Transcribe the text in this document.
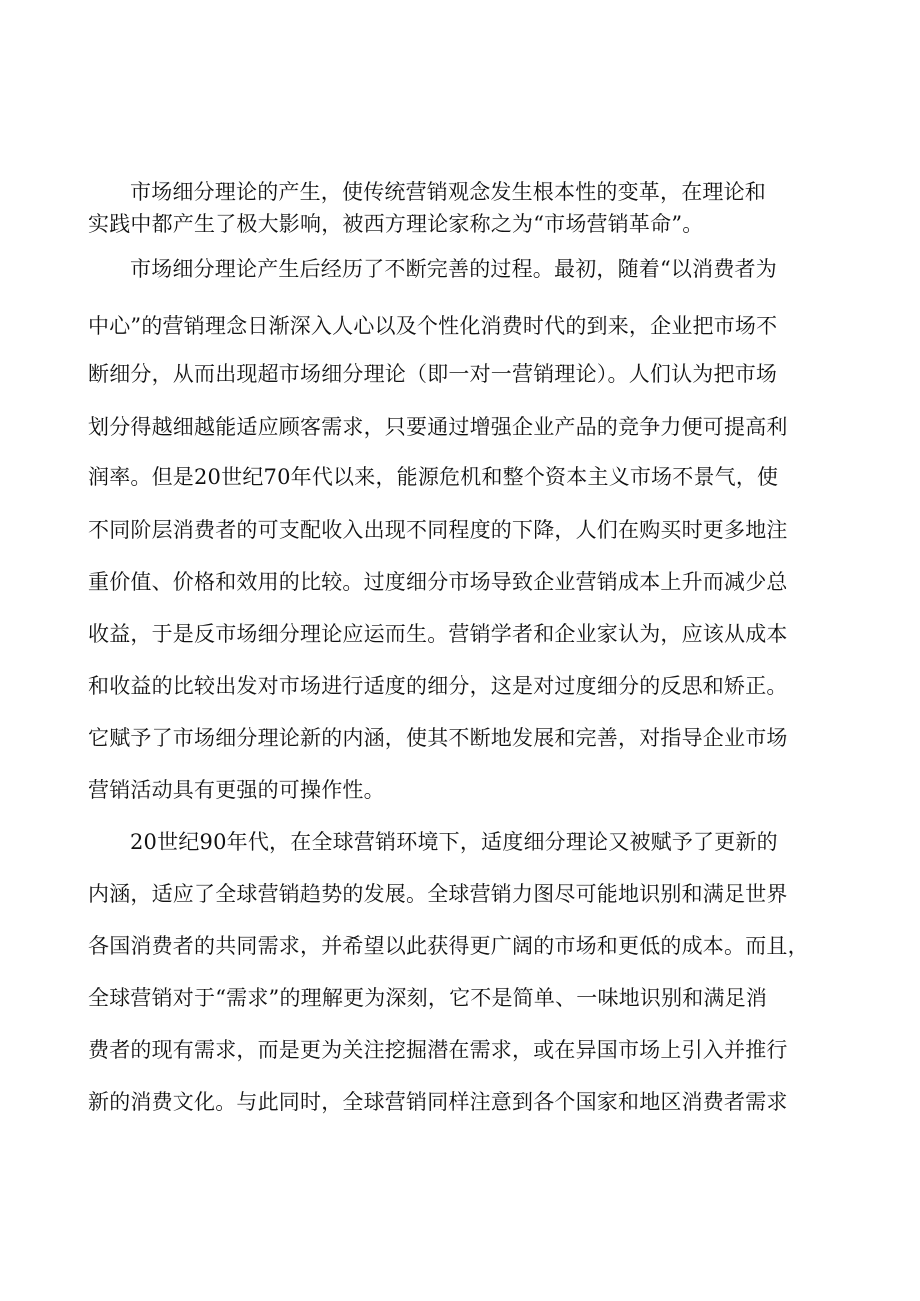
市场细分理论的产生，使传统营销观念发生根本性的变革，在理论和
实践中都产生了极大影响，被西方理论家称之为“市场营销革命”。
市场细分理论产生后经历了不断完善的过程。最初，随着“以消费者为
中心”的营销理念日渐深入人心以及个性化消费时代的到来，企业把市场不
断细分，从而出现超市场细分理论（即一对一营销理论）。人们认为把市场
划分得越细越能适应顾客需求，只要通过增强企业产品的竞争力便可提高利
润率。但是20世纪70年代以来，能源危机和整个资本主义市场不景气，使
不同阶层消费者的可支配收入出现不同程度的下降，人们在购买时更多地注
重价值、价格和效用的比较。过度细分市场导致企业营销成本上升而减少总
收益，于是反市场细分理论应运而生。营销学者和企业家认为，应该从成本
和收益的比较出发对市场进行适度的细分，这是对过度细分的反思和矫正。
它赋予了市场细分理论新的内涵，使其不断地发展和完善，对指导企业市场
营销活动具有更强的可操作性。
20世纪90年代，在全球营销环境下，适度细分理论又被赋予了更新的
内涵，适应了全球营销趋势的发展。全球营销力图尽可能地识别和满足世界
各国消费者的共同需求，并希望以此获得更广阔的市场和更低的成本。而且，
全球营销对于“需求”的理解更为深刻，它不是简单、一味地识别和满足消
费者的现有需求，而是更为关注挖掘潜在需求，或在异国市场上引入并推行
新的消费文化。与此同时，全球营销同样注意到各个国家和地区消费者需求
